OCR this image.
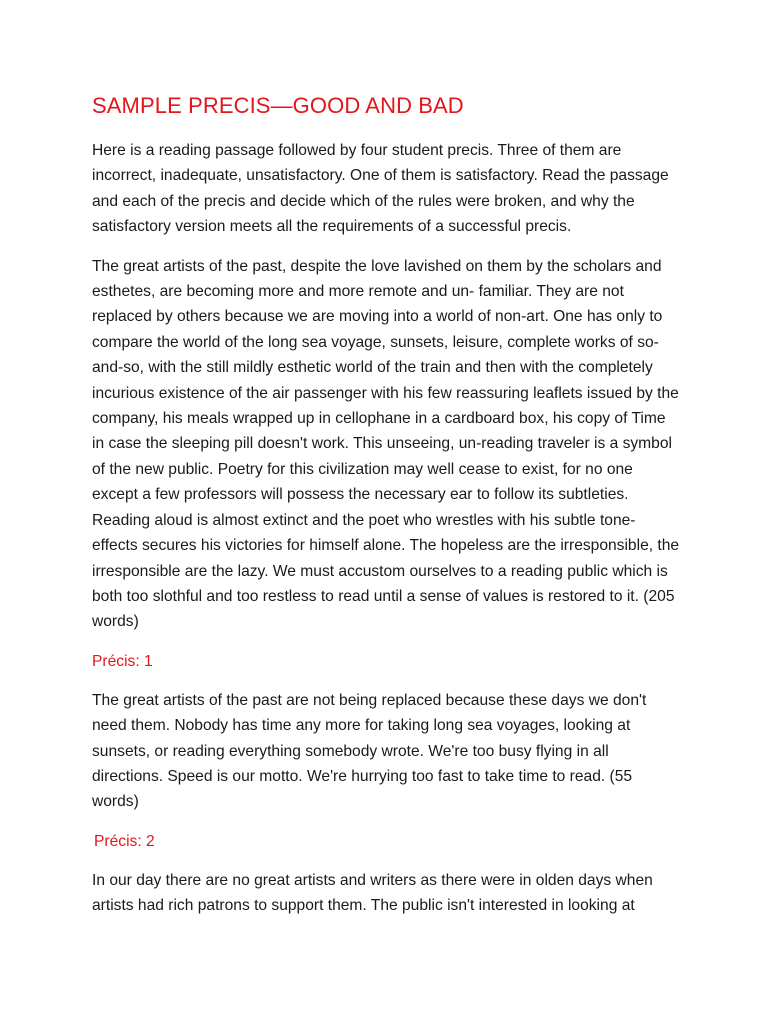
SAMPLE PRECIS—GOOD AND BAD

Here is a reading passage followed by four student precis. Three of them are incorrect, inadequate, unsatisfactory. One of them is satisfactory. Read the passage and each of the precis and decide which of the rules were broken, and why the satisfactory version meets all the requirements of a successful precis.

The great artists of the past, despite the love lavished on them by the scholars and esthetes, are becoming more and more remote and un- familiar. They are not replaced by others because we are moving into a world of non-art. One has only to compare the world of the long sea voyage, sunsets, leisure, complete works of so-and-so, with the still mildly esthetic world of the train and then with the completely incurious existence of the air passenger with his few reassuring leaflets issued by the company, his meals wrapped up in cellophane in a cardboard box, his copy of Time in case the sleeping pill doesn't work. This unseeing, un-reading traveler is a symbol of the new public. Poetry for this civilization may well cease to exist, for no one except a few professors will possess the necessary ear to follow its subtleties. Reading aloud is almost extinct and the poet who wrestles with his subtle tone-effects secures his victories for himself alone. The hopeless are the irresponsible, the irresponsible are the lazy. We must accustom ourselves to a reading public which is both too slothful and too restless to read until a sense of values is restored to it. (205 words)

Précis: 1

The great artists of the past are not being replaced because these days we don't need them. Nobody has time any more for taking long sea voyages, looking at sunsets, or reading everything somebody wrote. We're too busy flying in all directions. Speed is our motto. We're hurrying too fast to take time to read. (55 words)

Précis: 2

In our day there are no great artists and writers as there were in olden days when artists had rich patrons to support them. The public isn't interested in looking at
